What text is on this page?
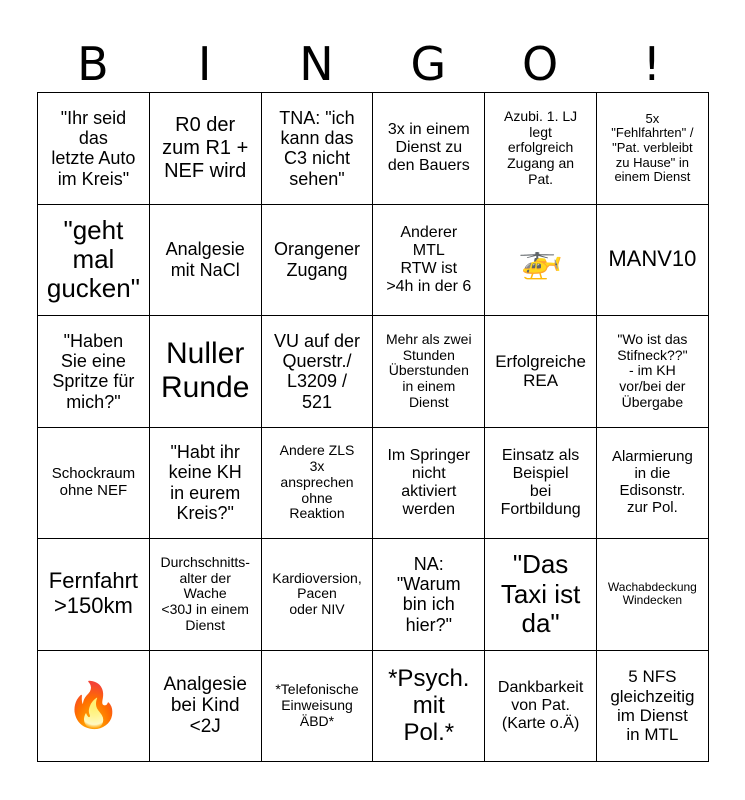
B	I	N	G	O	!
"Ihr seid
das
letzte Auto
im Kreis"	R0 der
zum R1 +
NEF wird	TNA: "ich
kann das
C3 nicht
sehen"	3x in einem
Dienst zu
den Bauers	Azubi. 1. LJ
legt
erfolgreich
Zugang an
Pat.	5x
"Fehlfahrten" /
"Pat. verbleibt
zu Hause" in
einem Dienst

"geht
mal
gucken"	Analgesie
mit NaCl	Orangener
Zugang	Anderer
MTL
RTW ist
>4h in der 6	🚁	MANV10

"Haben
Sie eine
Spritze für
mich?"	Nuller
Runde	VU auf der
Querstr./
L3209 /
521	Mehr als zwei
Stunden
Überstunden
in einem
Dienst	Erfolgreiche
REA	"Wo ist das
Stifneck??"
- im KH
vor/bei der
Übergabe

Schockraum
ohne NEF	"Habt ihr
keine KH
in eurem
Kreis?"	Andere ZLS
3x
ansprechen
ohne
Reaktion	Im Springer
nicht
aktiviert
werden	Einsatz als
Beispiel
bei
Fortbildung	Alarmierung
in die
Edisonstr.
zur Pol.

Fernfahrt
>150km	Durchschnitts-
alter der
Wache
<30J in einem
Dienst	Kardioversion,
Pacen
oder NIV	NA:
"Warum
bin ich
hier?"	"Das
Taxi ist
da"	Wachabdeckung
Windecken

🔥	Analgesie
bei Kind
<2J	*Telefonische
Einweisung
ÄBD*	*Psych.
mit
Pol.*	Dankbarkeit
von Pat.
(Karte o.Ä)	5 NFS
gleichzeitig
im Dienst
in MTL
